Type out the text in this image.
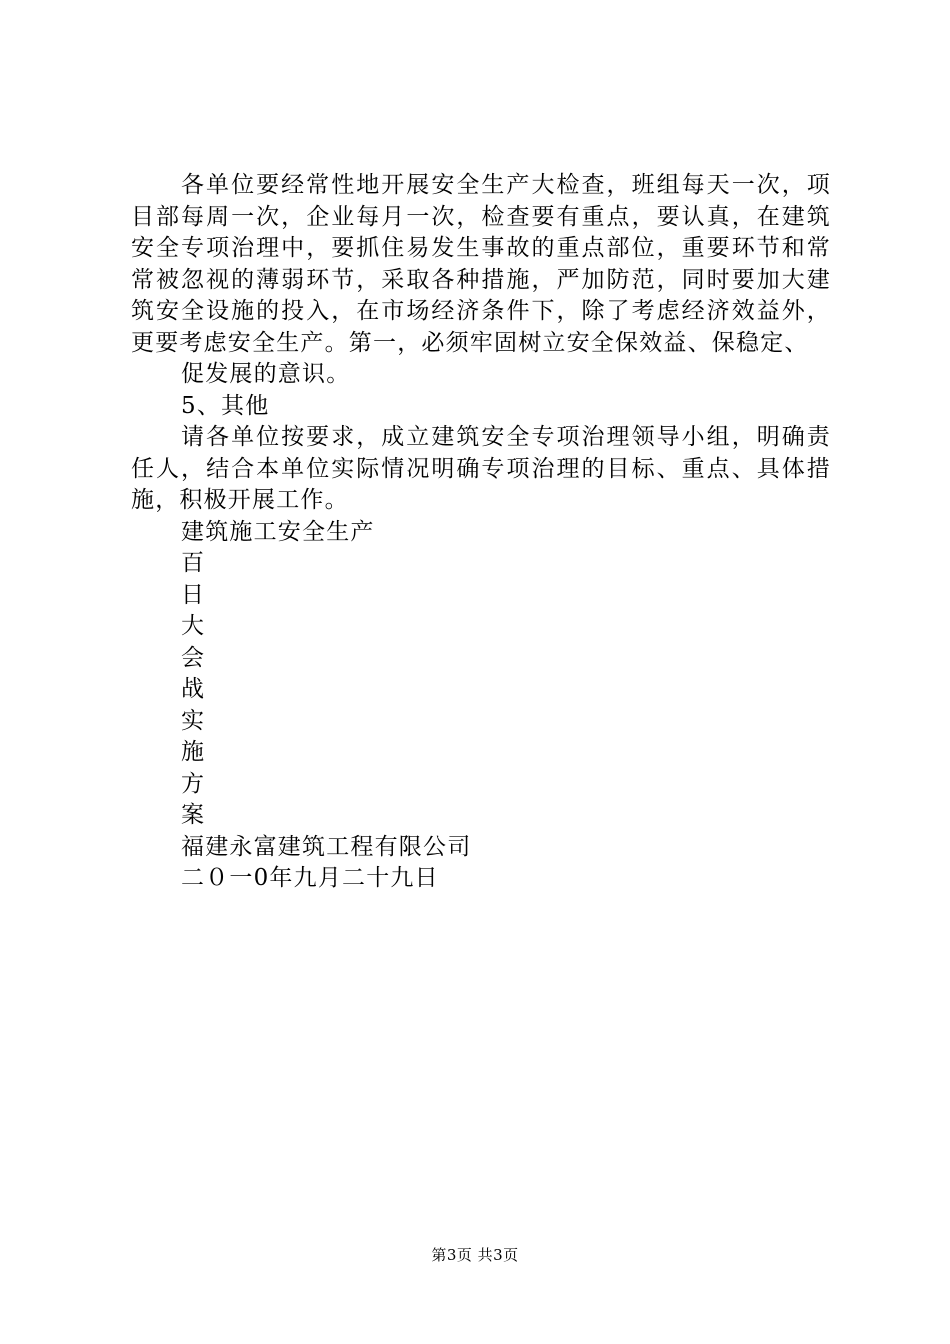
各单位要经常性地开展安全生产大检查，班组每天一次，项目部每周一次，企业每月一次，检查要有重点，要认真，在建筑安全专项治理中，要抓住易发生事故的重点部位，重要环节和常常被忽视的薄弱环节，采取各种措施，严加防范，同时要加大建筑安全设施的投入，在市场经济条件下，除了考虑经济效益外，更要考虑安全生产。第一，必须牢固树立安全保效益、保稳定、

促发展的意识。

5、其他

请各单位按要求，成立建筑安全专项治理领导小组，明确责任人，结合本单位实际情况明确专项治理的目标、重点、具体措施，积极开展工作。

建筑施工安全生产

百

日

大

会

战

实

施

方

案

福建永富建筑工程有限公司

二０一0年九月二十九日

第3页 共3页
